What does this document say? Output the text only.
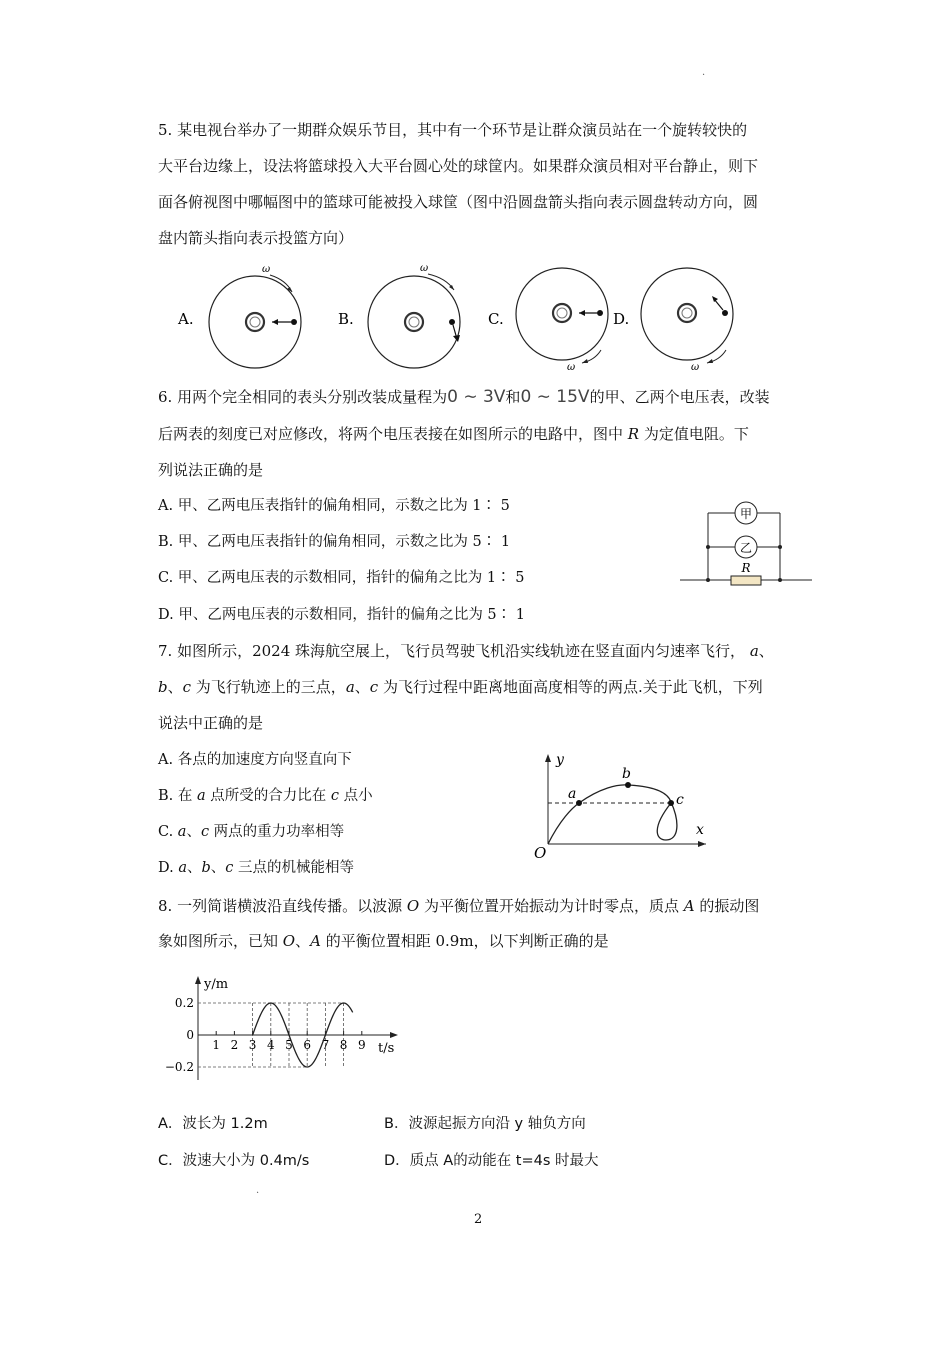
·
5. 某电视台举办了一期群众娱乐节目，其中有一个环节是让群众演员站在一个旋转较快的
大平台边缘上，设法将篮球投入大平台圆心处的球筐内。如果群众演员相对平台静止，则下
面各俯视图中哪幅图中的篮球可能被投入球筐（图中沿圆盘箭头指向表示圆盘转动方向，圆
盘内箭头指向表示投篮方向）
A.
ω
B.
ω
C.
ω
D.
ω
6. 用两个完全相同的表头分别改装成量程为0 ∼ 3V和0 ∼ 15V的甲、乙两个电压表，改装
后两表的刻度已对应修改，将两个电压表接在如图所示的电路中，图中 R 为定值电阻。下
列说法正确的是
A. 甲、乙两电压表指针的偏角相同，示数之比为 1∶ 5
B. 甲、乙两电压表指针的偏角相同，示数之比为 5∶ 1
C. 甲、乙两电压表的示数相同，指针的偏角之比为 1∶ 5
D. 甲、乙两电压表的示数相同，指针的偏角之比为 5∶ 1
甲
乙
R
7. 如图所示，2024 珠海航空展上，飞行员驾驶飞机沿实线轨迹在竖直面内匀速率飞行， a、
b、c 为飞行轨迹上的三点，a、c 为飞行过程中距离地面高度相等的两点.关于此飞机，下列
说法中正确的是
A. 各点的加速度方向竖直向下
B. 在 a 点所受的合力比在 c 点小
C. a、c 两点的重力功率相等
D. a、b、c 三点的机械能相等
y
x
O
a
b
c
8. 一列简谐横波沿直线传播。以波源 O 为平衡位置开始振动为计时零点，质点 A 的振动图
象如图所示，已知 O、A 的平衡位置相距 0.9m，以下判断正确的是
y/m
t/s
1 2 3 4 5 6 7 8 9
0.2
0
−0.2
A．波长为 1.2m	B．波源起振方向沿 y 轴负方向
C．波速大小为 0.4m/s	D．质点 A的动能在 t=4s 时最大
·
2
